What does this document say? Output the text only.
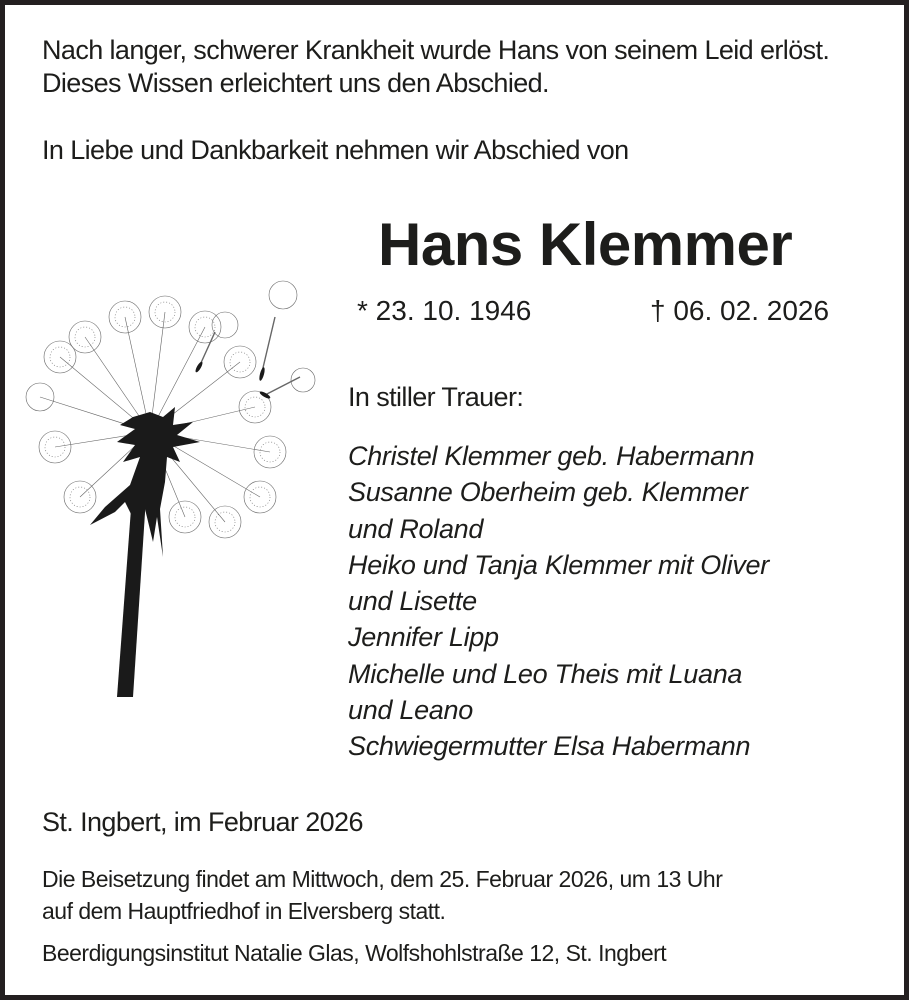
Nach langer, schwerer Krankheit wurde Hans von seinem Leid erlöst.
Dieses Wissen erleichtert uns den Abschied.
In Liebe und Dankbarkeit nehmen wir Abschied von
Hans Klemmer
* 23. 10. 1946	† 06. 02. 2026
In stiller Trauer:
Christel Klemmer geb. Habermann
Susanne Oberheim geb. Klemmer
und Roland
Heiko und Tanja Klemmer mit Oliver
und Lisette
Jennifer Lipp
Michelle und Leo Theis mit Luana
und Leano
Schwiegermutter Elsa Habermann
St. Ingbert, im Februar 2026
Die Beisetzung findet am Mittwoch, dem 25. Februar 2026, um 13 Uhr
auf dem Hauptfriedhof in Elversberg statt.
Beerdigungsinstitut Natalie Glas, Wolfshohlstraße 12, St. Ingbert
